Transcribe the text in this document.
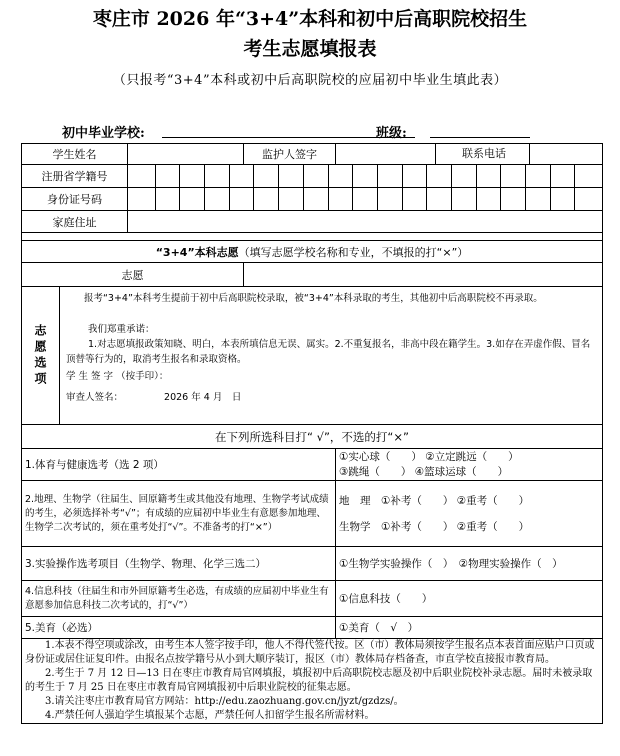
枣庄市 2026 年“3+4”本科和初中后高职院校招生
考生志愿填报表
（只报考“3+4”本科或初中后高职院校的应届初中毕业生填此表）
初中毕业学校:	班级:
学生姓名			监护人签字		联系电话

注册省学籍号					

身份证号码					

家庭住址					

“3+4”本科志愿（填写志愿学校名称和专业，不填报的打“×”）					
志愿					

志愿选项	报考“3+4”本科考生提前于初中后高职院校录取，被“3+4”本科录取的考生，其他初中后高职院校不再录取。
我们郑重承诺：
1.对志愿填报政策知晓、明白，本表所填信息无误、属实。2.不重复报名，非高中段在籍学生。3.如存在弄虚作假、冒名顶替等行为的，取消考生报名和录取资格。
学 生 签 字 （按手印）：
审查人签名： 2026 年 4 月　日				

在下列所选科目打“ √”，不选的打“×”					
1.体育与健康选考（选 2 项）				①实心球（　　） ②立定跳远（　　）
③跳绳（　　） ④篮球运球（　　）	

2.地理、生物学（往届生、回原籍考生或其他没有地理、生物学考试成绩的考生，必须选择补考“√”；有成绩的应届初中毕业生有意愿参加地理、生物学二次考试的，须在重考处打“√”。不准备考的打“×”）				地　理　 ①补考（　　） ②重考（　　）
生物学　 ①补考（　　） ②重考（　　）	

3.实验操作选考项目（生物学、物理、化学三选二）				①生物学实验操作（　）　②物理实验操作（　）	
4.信息科技（往届生和市外回原籍考生必选，有成绩的应届初中毕业生有意愿参加信息科技二次考试的，打“√”）				①信息科技（　　）	
5.美育（必选）				①美育（　√　）	

1.本表不得空项或涂改，由考生本人签字按手印，他人不得代签代按。区（市）教体局须按学生报名点本表首面应贴户口页或身份证或居住证复印件。由报名点按学籍号从小到大顺序装订，报区（市）教体局存档备查，市直学校直接报市教育局。

2.考生于 7 月 12 日—13 日在枣庄市教育局官网填报，填报初中后高职院校志愿及初中后职业院校补录志愿。届时未被录取的考生于 7 月 25 日在枣庄市教育局官网填报初中后职业院校的征集志愿。

3.请关注枣庄市教育局官方网站：http://edu.zaozhuang.gov.cn/jyzt/gzdzs/。

4.严禁任何人强迫学生填报某个志愿，严禁任何人扣留学生报名所需材料。					
